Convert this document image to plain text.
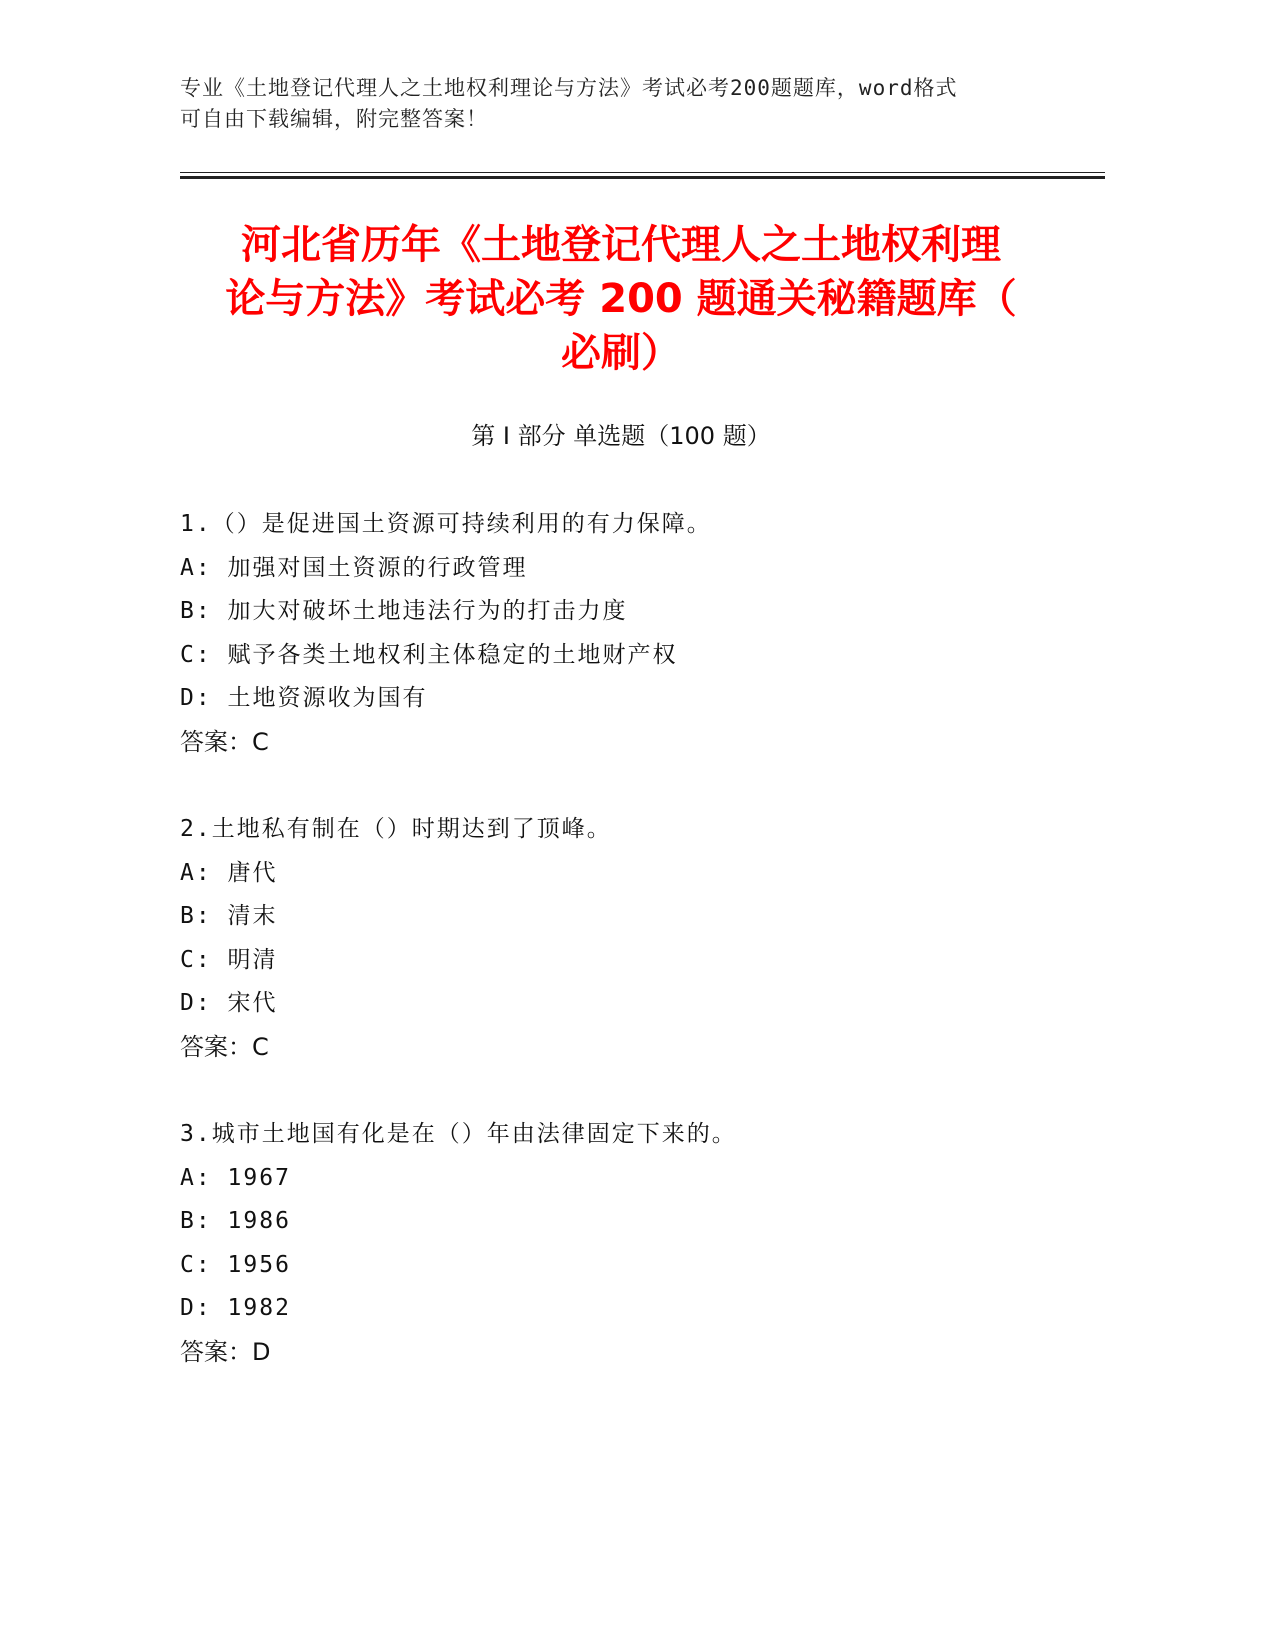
专业《土地登记代理人之土地权利理论与方法》考试必考200题题库，word格式
可自由下载编辑，附完整答案！
河北省历年《土地登记代理人之土地权利理
论与方法》考试必考 200 题通关秘籍题库（
必刷）
第 I 部分 单选题（100 题）
1.（）是促进国土资源可持续利用的有力保障。
A: 加强对国土资源的行政管理
B: 加大对破坏土地违法行为的打击力度
C: 赋予各类土地权利主体稳定的土地财产权
D: 土地资源收为国有
答案：C
2.土地私有制在（）时期达到了顶峰。
A: 唐代
B: 清末
C: 明清
D: 宋代
答案：C
3.城市土地国有化是在（）年由法律固定下来的。
A: 1967
B: 1986
C: 1956
D: 1982
答案：D
